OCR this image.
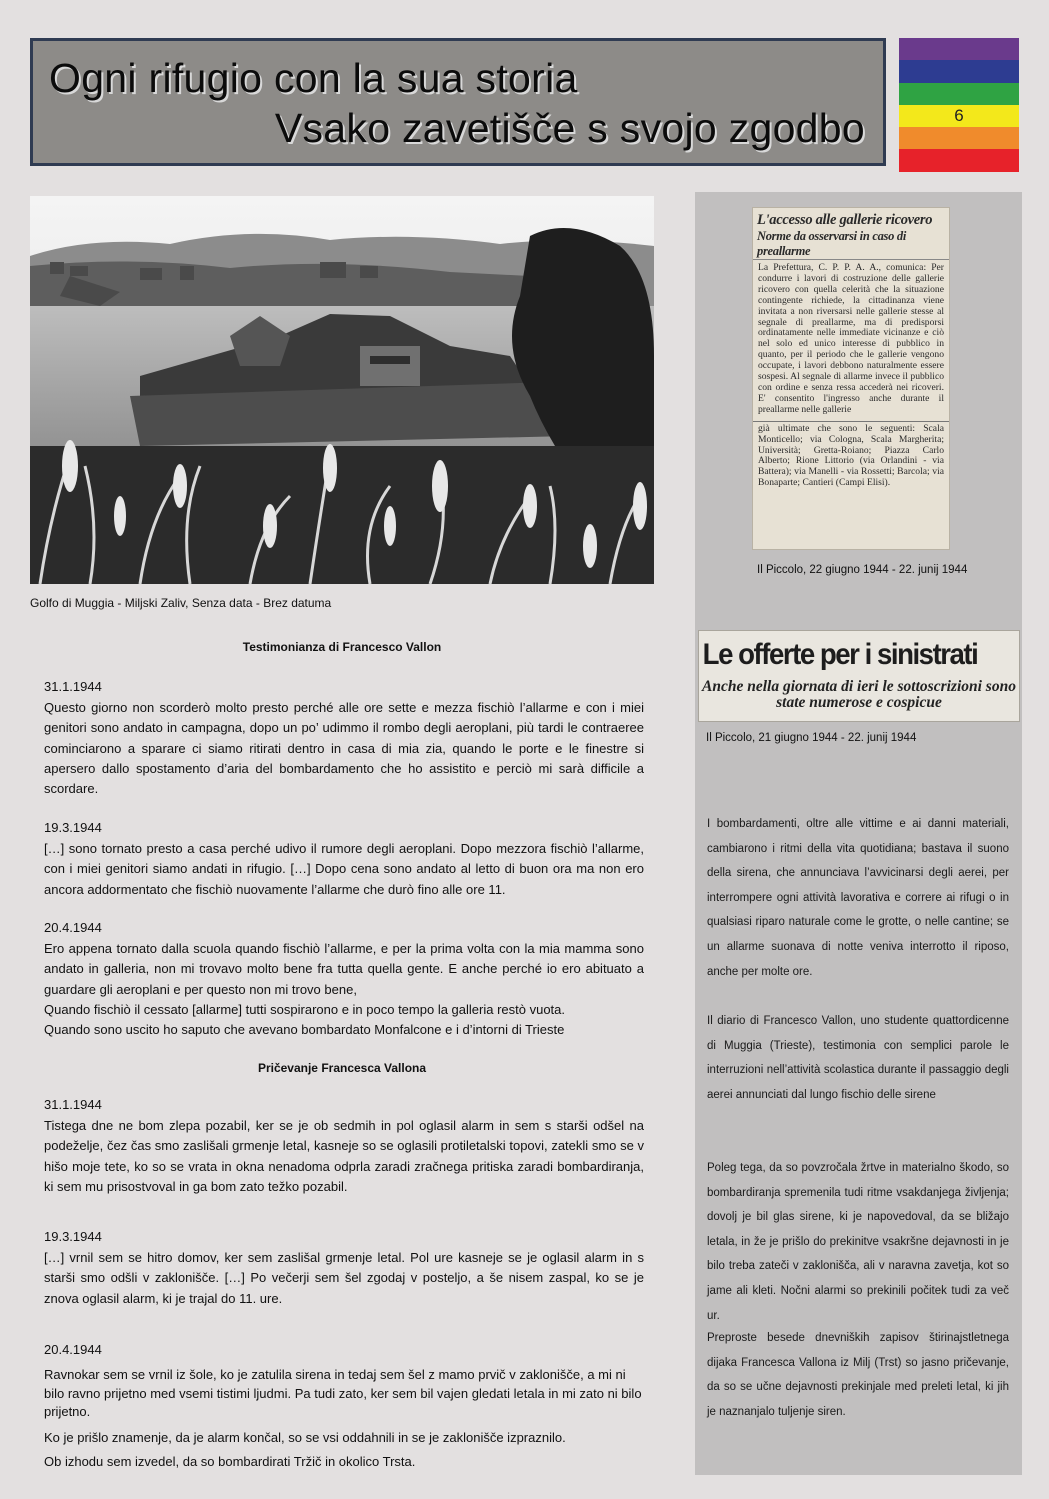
Ogni rifugio con la sua storia
Vsako zavetišče s svojo zgodbo	6
Golfo di Muggia - Miljski Zaliv, Senza data - Brez datuma
Testimonianza di Francesco Vallon
31.1.1944

Questo giorno non scorderò molto presto perché alle ore sette e mezza fischiò l’allarme e con i miei genitori sono andato in campagna, dopo un po’ udimmo il rombo degli aeroplani, più tardi le contraeree cominciarono a sparare ci siamo ritirati dentro in casa di mia zia, quando le porte e le finestre si apersero dallo spostamento d’aria del bombardamento che ho assistito e perciò mi sarà difficile a scordare.

19.3.1944

[…] sono tornato presto a casa perché udivo il rumore degli aeroplani. Dopo mezzora fischiò l’allarme, con i miei genitori siamo andati in rifugio. […] Dopo cena sono andato al letto di buon ora ma non ero ancora addormentato che fischiò nuovamente l’allarme che durò fino alle ore 11.

20.4.1944

Ero appena tornato dalla scuola quando fischiò l’allarme, e per la prima volta con la mia mamma sono andato in galleria, non mi trovavo molto bene fra tutta quella gente. E anche perché io ero abituato a guardare gli aeroplani e per questo non mi trovo bene,

Quando fischiò il cessato [allarme] tutti sospirarono e in poco tempo la galleria restò vuota.

Quando sono uscito ho saputo che avevano bombardato Monfalcone e i d’intorni di Trieste

Pričevanje Francesca Vallona
31.1.1944

Tistega dne ne bom zlepa pozabil, ker se je ob sedmih in pol oglasil alarm in sem s starši odšel na podeželje, čez čas smo zaslišali grmenje letal, kasneje so se oglasili protiletalski topovi, zatekli smo se v hišo moje tete, ko so se vrata in okna nenadoma odprla zaradi zračnega pritiska zaradi bombardiranja, ki sem mu prisostvoval in ga bom zato težko pozabil.

19.3.1944

[…] vrnil sem se hitro domov, ker sem zaslišal grmenje letal. Pol ure kasneje se je oglasil alarm in s starši smo odšli v zaklonišče. […] Po večerji sem šel zgodaj v posteljo, a še nisem zaspal, ko se je znova oglasil alarm, ki je trajal do 11. ure.

20.4.1944

Ravnokar sem se vrnil iz šole, ko je zatulila sirena in tedaj sem šel z mamo prvič v zaklonišče, a mi ni bilo ravno prijetno med vsemi tistimi ljudmi. Pa tudi zato, ker sem bil vajen gledati letala in mi zato ni bilo prijetno.

Ko je prišlo znamenje, da je alarm končal, so se vsi oddahnili in se je zaklonišče izpraznilo.

Ob izhodu sem izvedel, da so bombardirati Tržič in okolico Trsta.

L'accesso alle gallerie ricovero
Norme da osservarsi in caso di preallarme
La Prefettura, C. P. P. A. A., comunica: Per condurre i lavori di costruzione delle gallerie ricovero con quella celerità che la situazione contingente richiede, la cittadinanza viene invitata a non riversarsi nelle gallerie stesse al segnale di preallarme, ma di predisporsi ordinatamente nelle immediate vicinanze e ciò nel solo ed unico interesse di pubblico in quanto, per il periodo che le gallerie vengono occupate, i lavori debbono naturalmente essere sospesi. Al segnale di allarme invece il pubblico con ordine e senza ressa accederà nei ricoveri. E' consentito l'ingresso anche durante il preallarme nelle gallerie
già ultimate che sono le seguenti: Scala Monticello; via Cologna, Scala Margherita; Università; Gretta-Roiano; Piazza Carlo Alberto; Rione Littorio (via Orlandini - via Battera); via Manelli - via Rossetti; Barcola; via Bonaparte; Cantieri (Campi Elisi).
Il Piccolo, 22 giugno 1944 - 22. junij 1944
Le offerte per i sinistrati
Anche nella giornata di ieri le sottoscrizioni sono state numerose e cospicue
Il Piccolo, 21 giugno 1944 - 22. junij 1944
I bombardamenti, oltre alle vittime e ai danni materiali, cambiarono i ritmi della vita quotidiana; bastava il suono della sirena, che annunciava l’avvicinarsi degli aerei, per interrompere ogni attività lavorativa e correre ai rifugi o in qualsiasi riparo naturale come le grotte, o nelle cantine; se un allarme suonava di notte veniva interrotto il riposo, anche per molte ore.
Il diario di Francesco Vallon, uno studente quattordicenne di Muggia (Trieste), testimonia con semplici parole le interruzioni nell’attività scolastica durante il passaggio degli aerei annunciati dal lungo fischio delle sirene
Poleg tega, da so povzročala žrtve in materialno škodo, so bombardiranja spremenila tudi ritme vsakdanjega življenja; dovolj je bil glas sirene, ki je napovedoval, da se bližajo letala, in že je prišlo do prekinitve vsakršne dejavnosti in je bilo treba zateči v zaklonišča, ali v naravna zavetja, kot so jame ali kleti. Nočni alarmi so prekinili počitek tudi za več ur.
Preproste besede dnevniških zapisov štirinajstletnega dijaka Francesca Vallona iz Milj (Trst) so jasno pričevanje, da so se učne dejavnosti prekinjale med preleti letal, ki jih je naznanjalo tuljenje siren.
